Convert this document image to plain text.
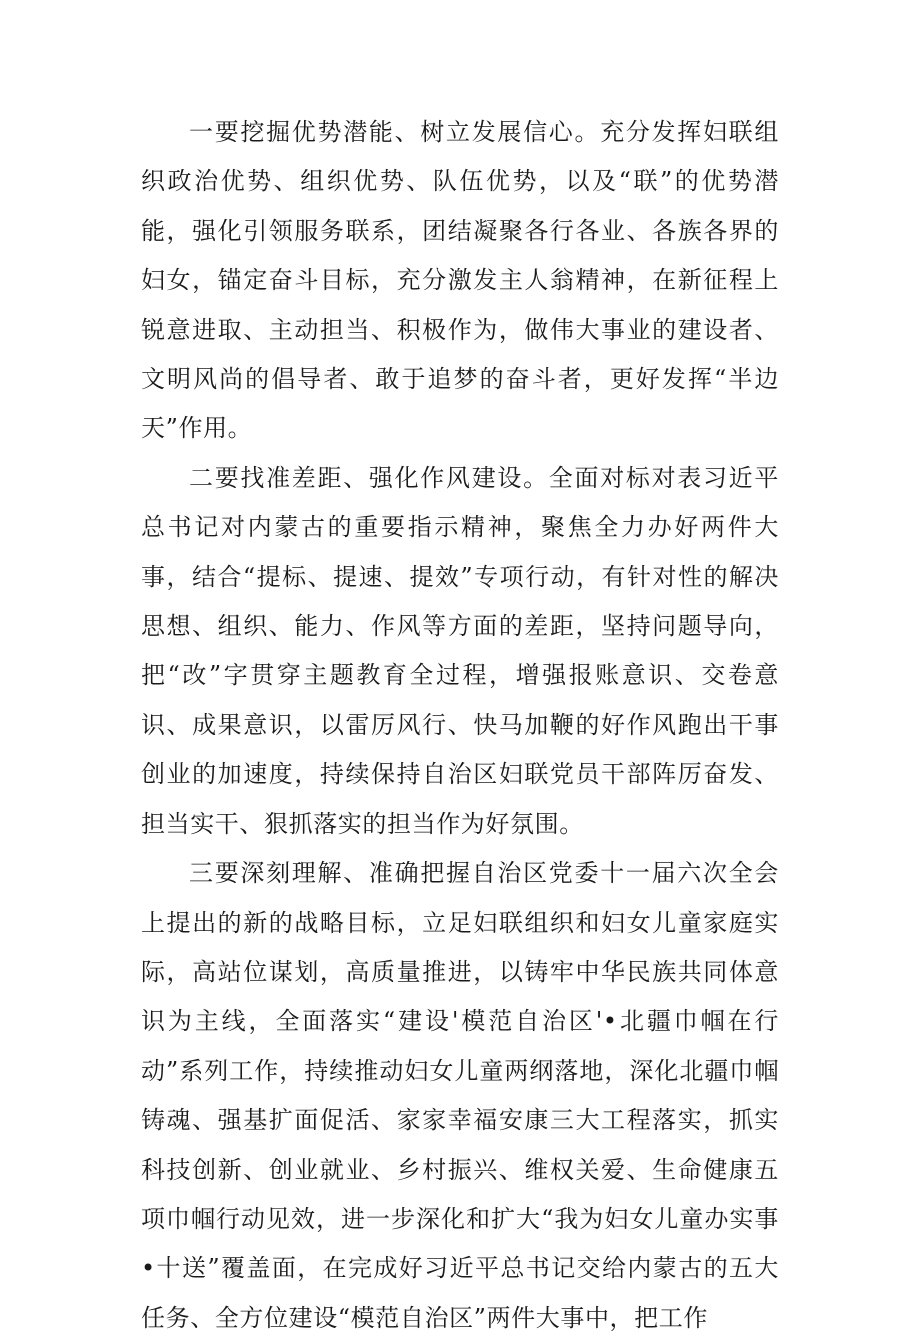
一要挖掘优势潜能、树立发展信心。充分发挥妇联组织政治优势、组织优势、队伍优势，以及“联”的优势潜能，强化引领服务联系，团结凝聚各行各业、各族各界的妇女，锚定奋斗目标，充分激发主人翁精神，在新征程上锐意进取、主动担当、积极作为，做伟大事业的建设者、文明风尚的倡导者、敢于追梦的奋斗者，更好发挥“半边天”作用。

二要找准差距、强化作风建设。全面对标对表习近平总书记对内蒙古的重要指示精神，聚焦全力办好两件大事，结合“提标、提速、提效”专项行动，有针对性的解决思想、组织、能力、作风等方面的差距，坚持问题导向，把“改”字贯穿主题教育全过程，增强报账意识、交卷意识、成果意识，以雷厉风行、快马加鞭的好作风跑出干事创业的加速度，持续保持自治区妇联党员干部阵厉奋发、担当实干、狠抓落实的担当作为好氛围。

三要深刻理解、准确把握自治区党委十一届六次全会上提出的新的战略目标，立足妇联组织和妇女儿童家庭实际，高站位谋划，高质量推进，以铸牢中华民族共同体意识为主线，全面落实“建设'模范自治区'•北疆巾帼在行动”系列工作，持续推动妇女儿童两纲落地，深化北疆巾帼铸魂、强基扩面促活、家家幸福安康三大工程落实，抓实科技创新、创业就业、乡村振兴、维权关爱、生命健康五项巾帼行动见效，进一步深化和扩大“我为妇女儿童办实事•十送”覆盖面，在完成好习近平总书记交给内蒙古的五大任务、全方位建设“模范自治区”两件大事中，把工作
